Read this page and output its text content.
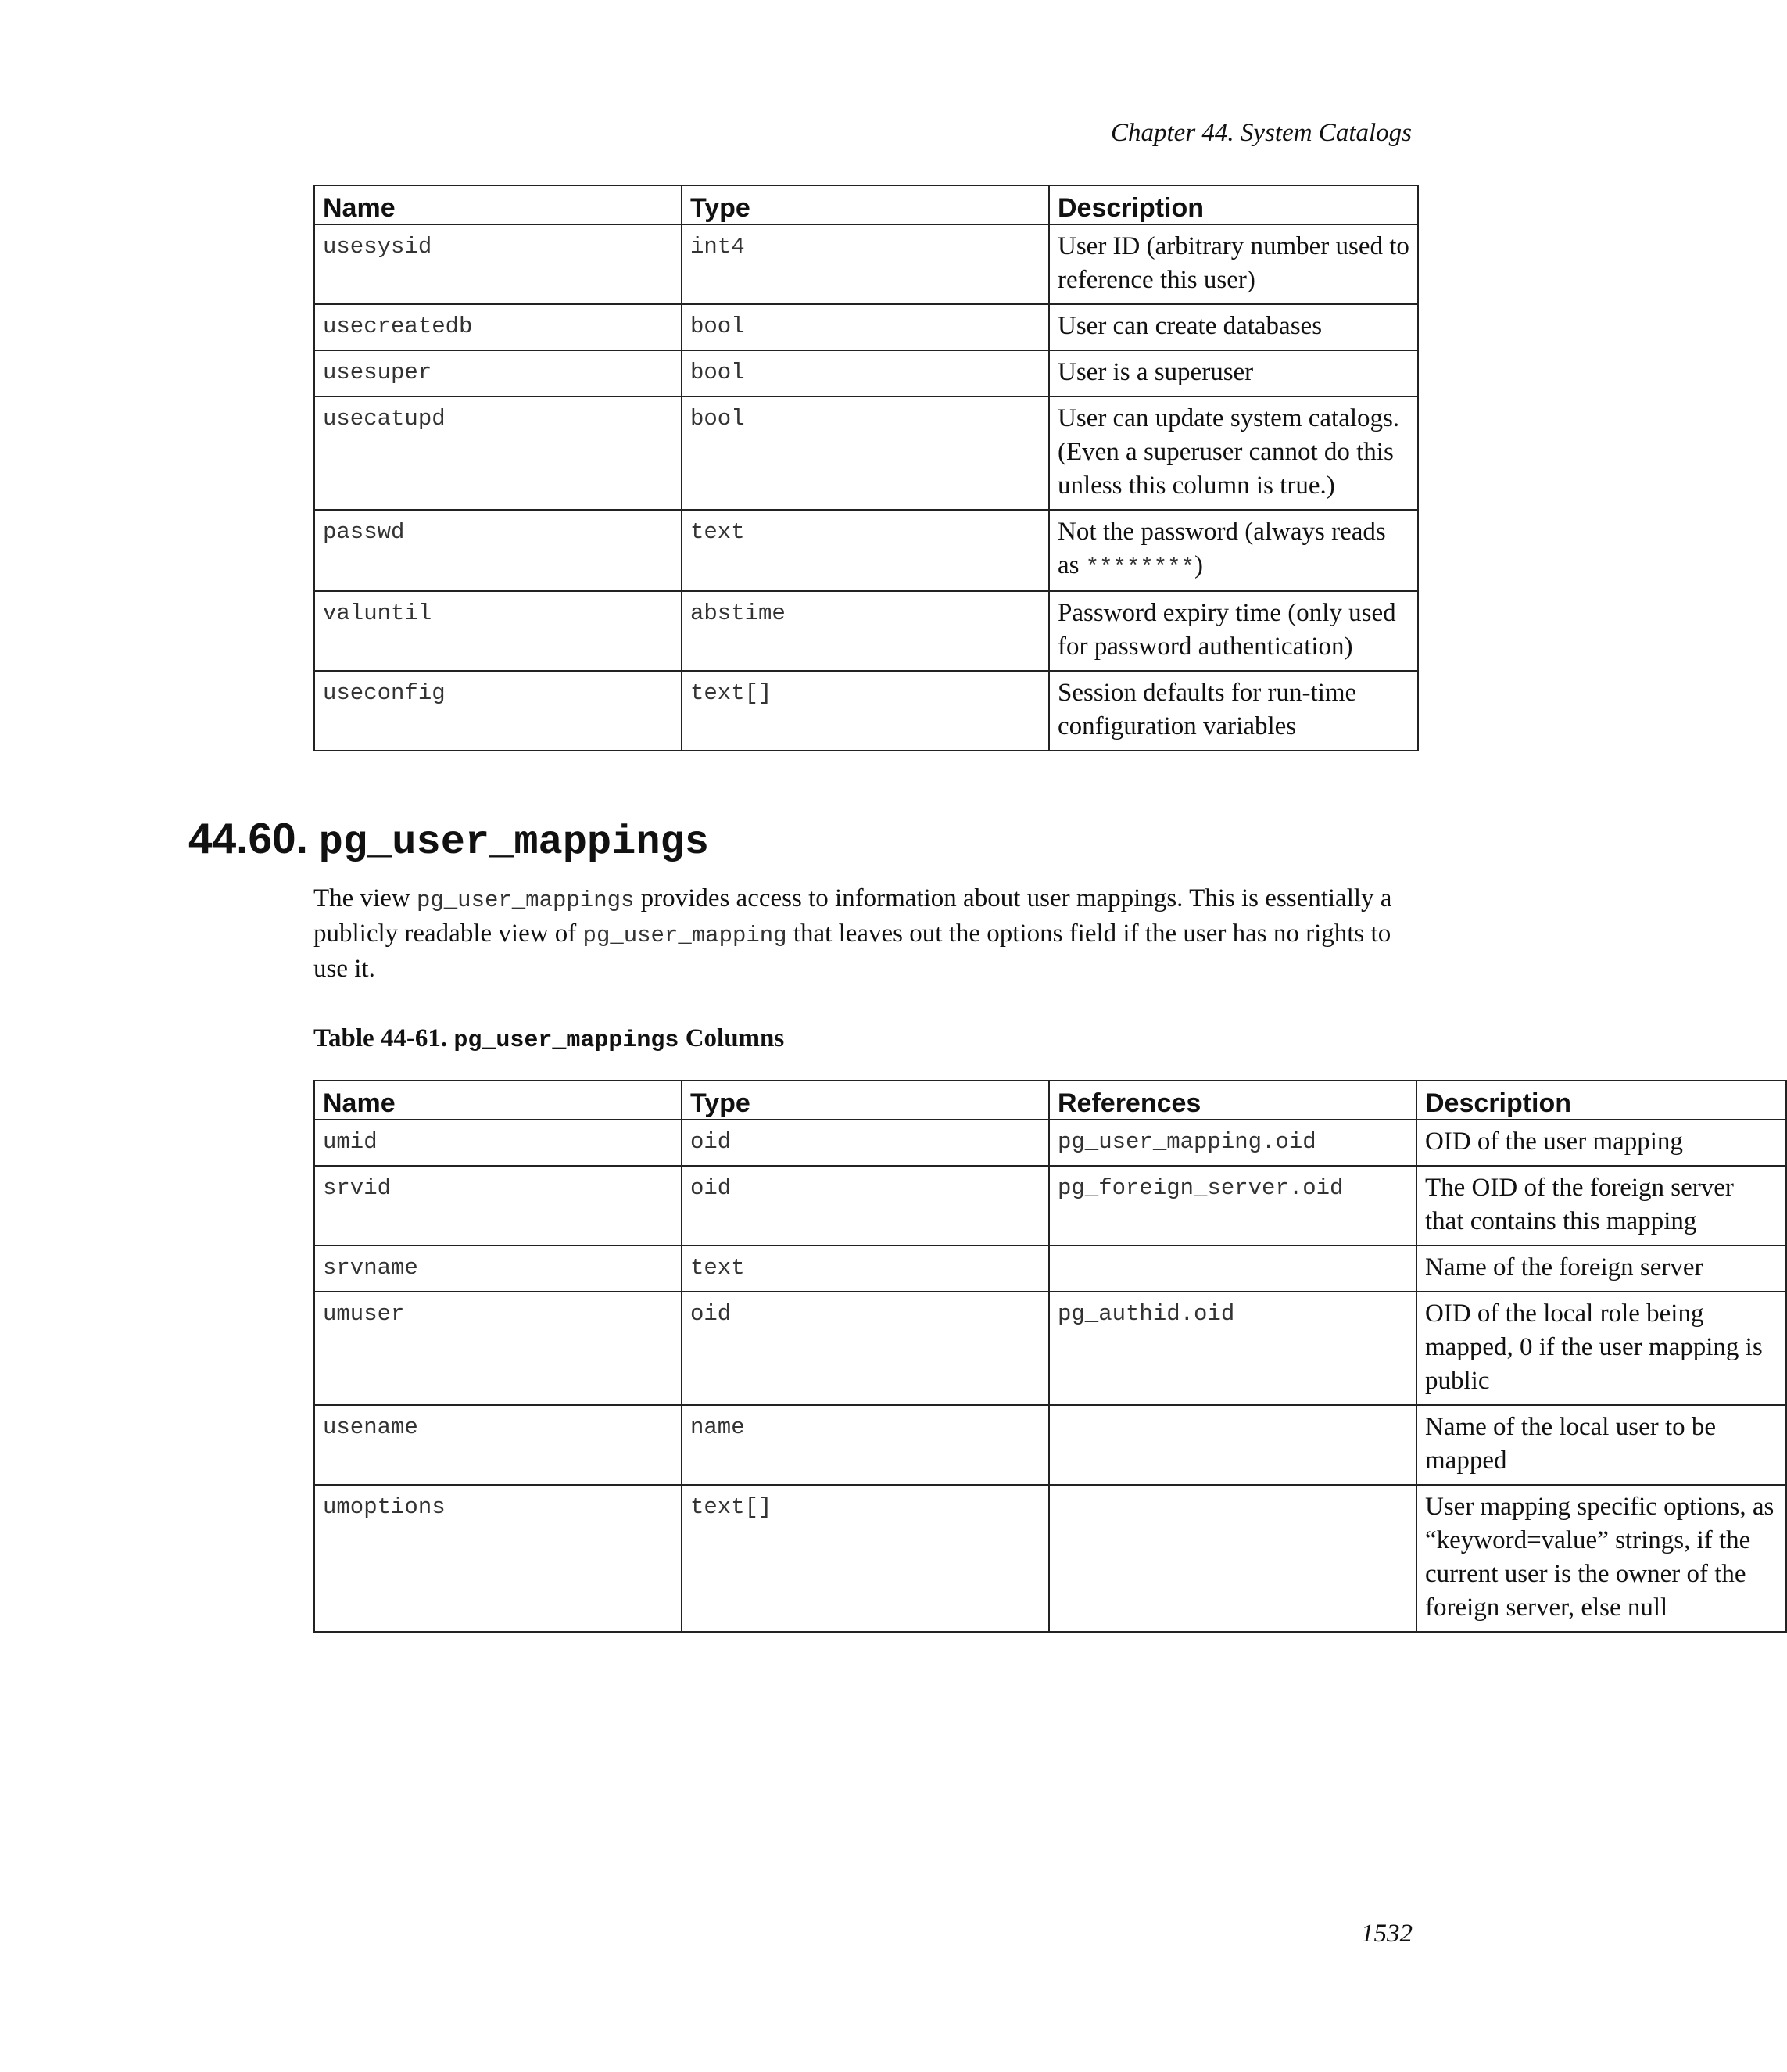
Chapter 44. System Catalogs
Name	Type	Description
usesysid	int4	User ID (arbitrary number used to reference this user)
usecreatedb	bool	User can create databases
usesuper	bool	User is a superuser
usecatupd	bool	User can update system catalogs. (Even a superuser cannot do this unless this column is true.)
passwd	text	Not the password (always reads as ********)
valuntil	abstime	Password expiry time (only used for password authentication)
useconfig	text[]	Session defaults for run-time configuration variables
44.60. pg_user_mappings
The view pg_user_mappings provides access to information about user mappings. This is essentially a publicly readable view of pg_user_mapping that leaves out the options field if the user has no rights to use it.
Table 44-61. pg_user_mappings Columns
Name	Type	References	Description
umid	oid	pg_user_mapping.oid	OID of the user mapping
srvid	oid	pg_foreign_server.oid	The OID of the foreign server that contains this mapping
srvname	text		Name of the foreign server
umuser	oid	pg_authid.oid	OID of the local role being mapped, 0 if the user mapping is public
usename	name		Name of the local user to be mapped
umoptions	text[]		User mapping specific options, as “keyword=value” strings, if the current user is the owner of the foreign server, else null
1532
